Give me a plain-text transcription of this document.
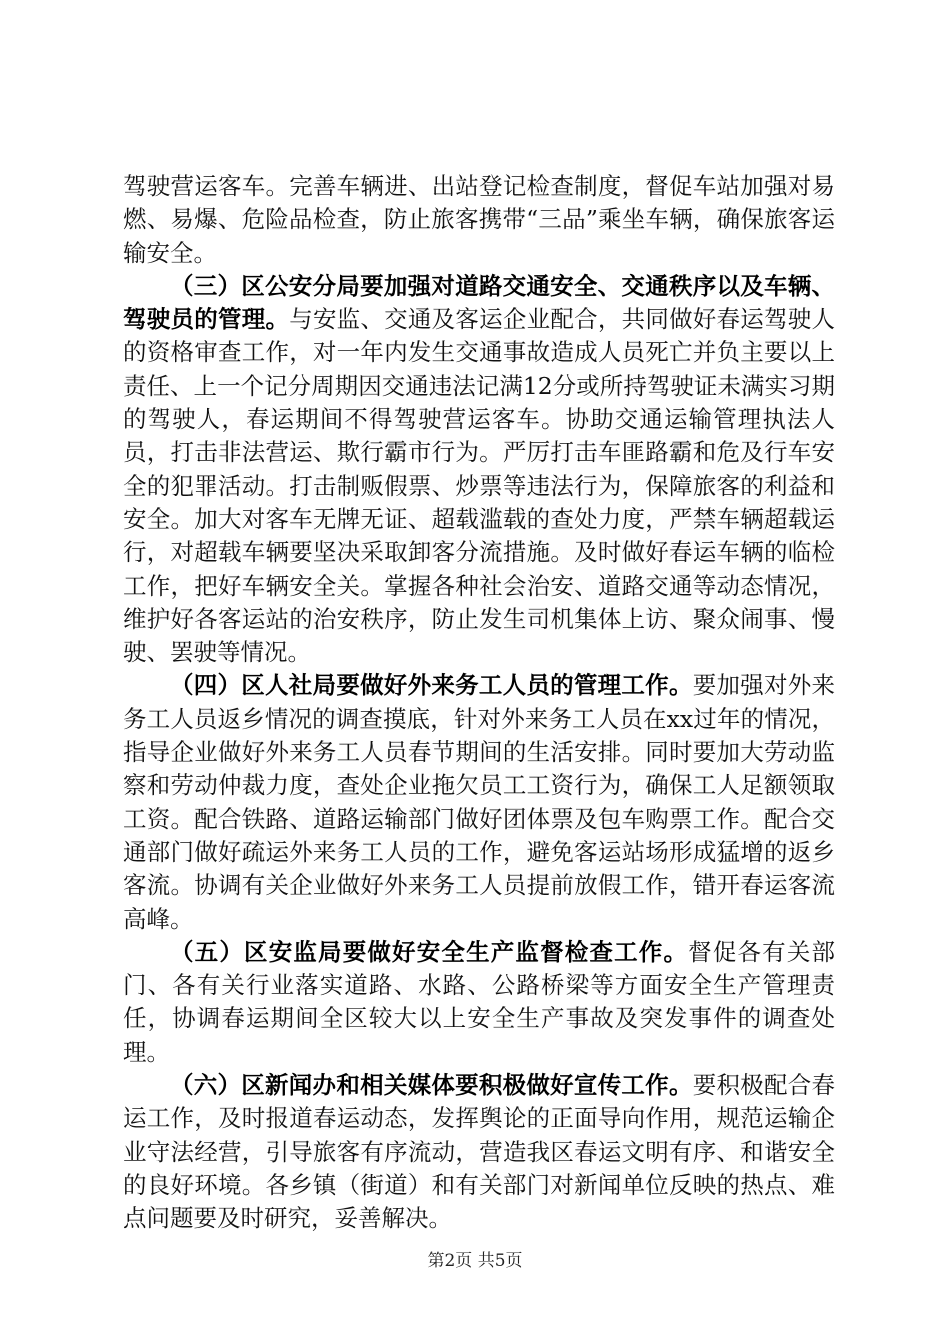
驾驶营运客车。完善车辆进、出站登记检查制度，督促车站加强对易燃、易爆、危险品检查，防止旅客携带“三品”乘坐车辆，确保旅客运输安全。

（三）区公安分局要加强对道路交通安全、交通秩序以及车辆、驾驶员的管理。与安监、交通及客运企业配合，共同做好春运驾驶人的资格审查工作，对一年内发生交通事故造成人员死亡并负主要以上责任、上一个记分周期因交通违法记满12分或所持驾驶证未满实习期的驾驶人，春运期间不得驾驶营运客车。协助交通运输管理执法人员，打击非法营运、欺行霸市行为。严厉打击车匪路霸和危及行车安全的犯罪活动。打击制贩假票、炒票等违法行为，保障旅客的利益和安全。加大对客车无牌无证、超载滥载的查处力度，严禁车辆超载运行，对超载车辆要坚决采取卸客分流措施。及时做好春运车辆的临检工作，把好车辆安全关。掌握各种社会治安、道路交通等动态情况，维护好各客运站的治安秩序，防止发生司机集体上访、聚众闹事、慢驶、罢驶等情况。

（四）区人社局要做好外来务工人员的管理工作。要加强对外来务工人员返乡情况的调查摸底，针对外来务工人员在xx过年的情况，指导企业做好外来务工人员春节期间的生活安排。同时要加大劳动监察和劳动仲裁力度，查处企业拖欠员工工资行为，确保工人足额领取工资。配合铁路、道路运输部门做好团体票及包车购票工作。配合交通部门做好疏运外来务工人员的工作，避免客运站场形成猛增的返乡客流。协调有关企业做好外来务工人员提前放假工作，错开春运客流高峰。

（五）区安监局要做好安全生产监督检查工作。督促各有关部门、各有关行业落实道路、水路、公路桥梁等方面安全生产管理责任，协调春运期间全区较大以上安全生产事故及突发事件的调查处理。

（六）区新闻办和相关媒体要积极做好宣传工作。要积极配合春运工作，及时报道春运动态，发挥舆论的正面导向作用，规范运输企业守法经营，引导旅客有序流动，营造我区春运文明有序、和谐安全的良好环境。各乡镇（街道）和有关部门对新闻单位反映的热点、难点问题要及时研究，妥善解决。

第2页 共5页
